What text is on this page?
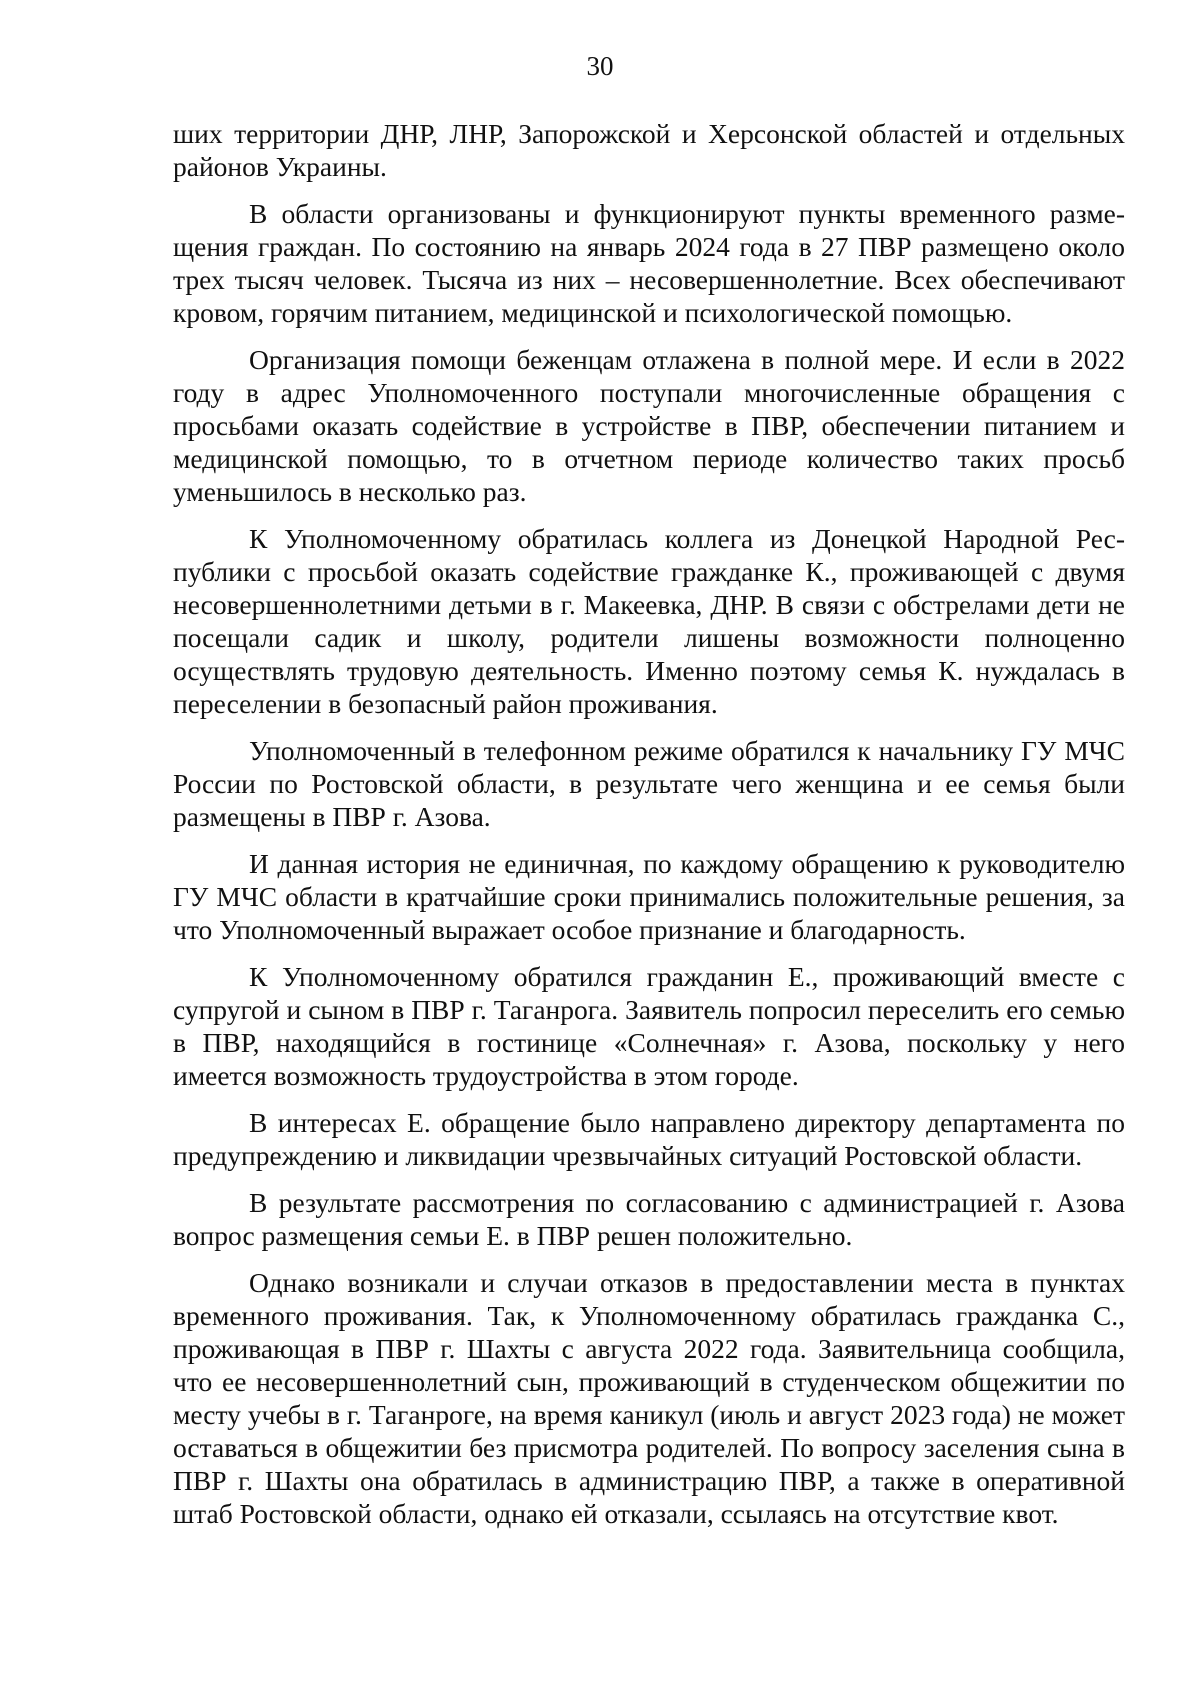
30

ших территории ДНР, ЛНР, Запорожской и Херсонской областей и отдельных районов Украины.

В области организованы и функционируют пункты временного размещения граждан. По состоянию на январь 2024 года в 27 ПВР размещено около трех тысяч человек. Тысяча из них – несовершеннолетние. Всех обеспечивают кровом, горячим питанием, медицинской и психологической помощью.

Организация помощи беженцам отлажена в полной мере. И если в 2022 году в адрес Уполномоченного поступали многочисленные обращения с просьбами оказать содействие в устройстве в ПВР, обеспечении питанием и медицинской помощью, то в отчетном периоде количество таких просьб уменьшилось в несколько раз.

К Уполномоченному обратилась коллега из Донецкой Народной Республики с просьбой оказать содействие гражданке К., проживающей с двумя несовершеннолетними детьми в г. Макеевка, ДНР. В связи с обстрелами дети не посещали садик и школу, родители лишены возможности полноценно осуществлять трудовую деятельность. Именно поэтому семья К. нуждалась в переселении в безопасный район проживания.

Уполномоченный в телефонном режиме обратился к начальнику ГУ МЧС России по Ростовской области, в результате чего женщина и ее семья были размещены в ПВР г. Азова.

И данная история не единичная, по каждому обращению к руководителю ГУ МЧС области в кратчайшие сроки принимались положительные решения, за что Уполномоченный выражает особое признание и благодарность.

К Уполномоченному обратился гражданин Е., проживающий вместе с супругой и сыном в ПВР г. Таганрога. Заявитель попросил переселить его семью в ПВР, находящийся в гостинице «Солнечная» г. Азова, поскольку у него имеется возможность трудоустройства в этом городе.

В интересах Е. обращение было направлено директору департамента по предупреждению и ликвидации чрезвычайных ситуаций Ростовской области.

В результате рассмотрения по согласованию с администрацией г. Азова вопрос размещения семьи Е. в ПВР решен положительно.

Однако возникали и случаи отказов в предоставлении места в пунктах временного проживания. Так, к Уполномоченному обратилась гражданка С., проживающая в ПВР г. Шахты с августа 2022 года. Заявительница сообщила, что ее несовершеннолетний сын, проживающий в студенческом общежитии по месту учебы в г. Таганроге, на время каникул (июль и август 2023 года) не может оставаться в общежитии без присмотра родителей. По вопросу заселения сына в ПВР г. Шахты она обратилась в администрацию ПВР, а также в оперативной штаб Ростовской области, однако ей отказали, ссылаясь на отсутствие квот.
